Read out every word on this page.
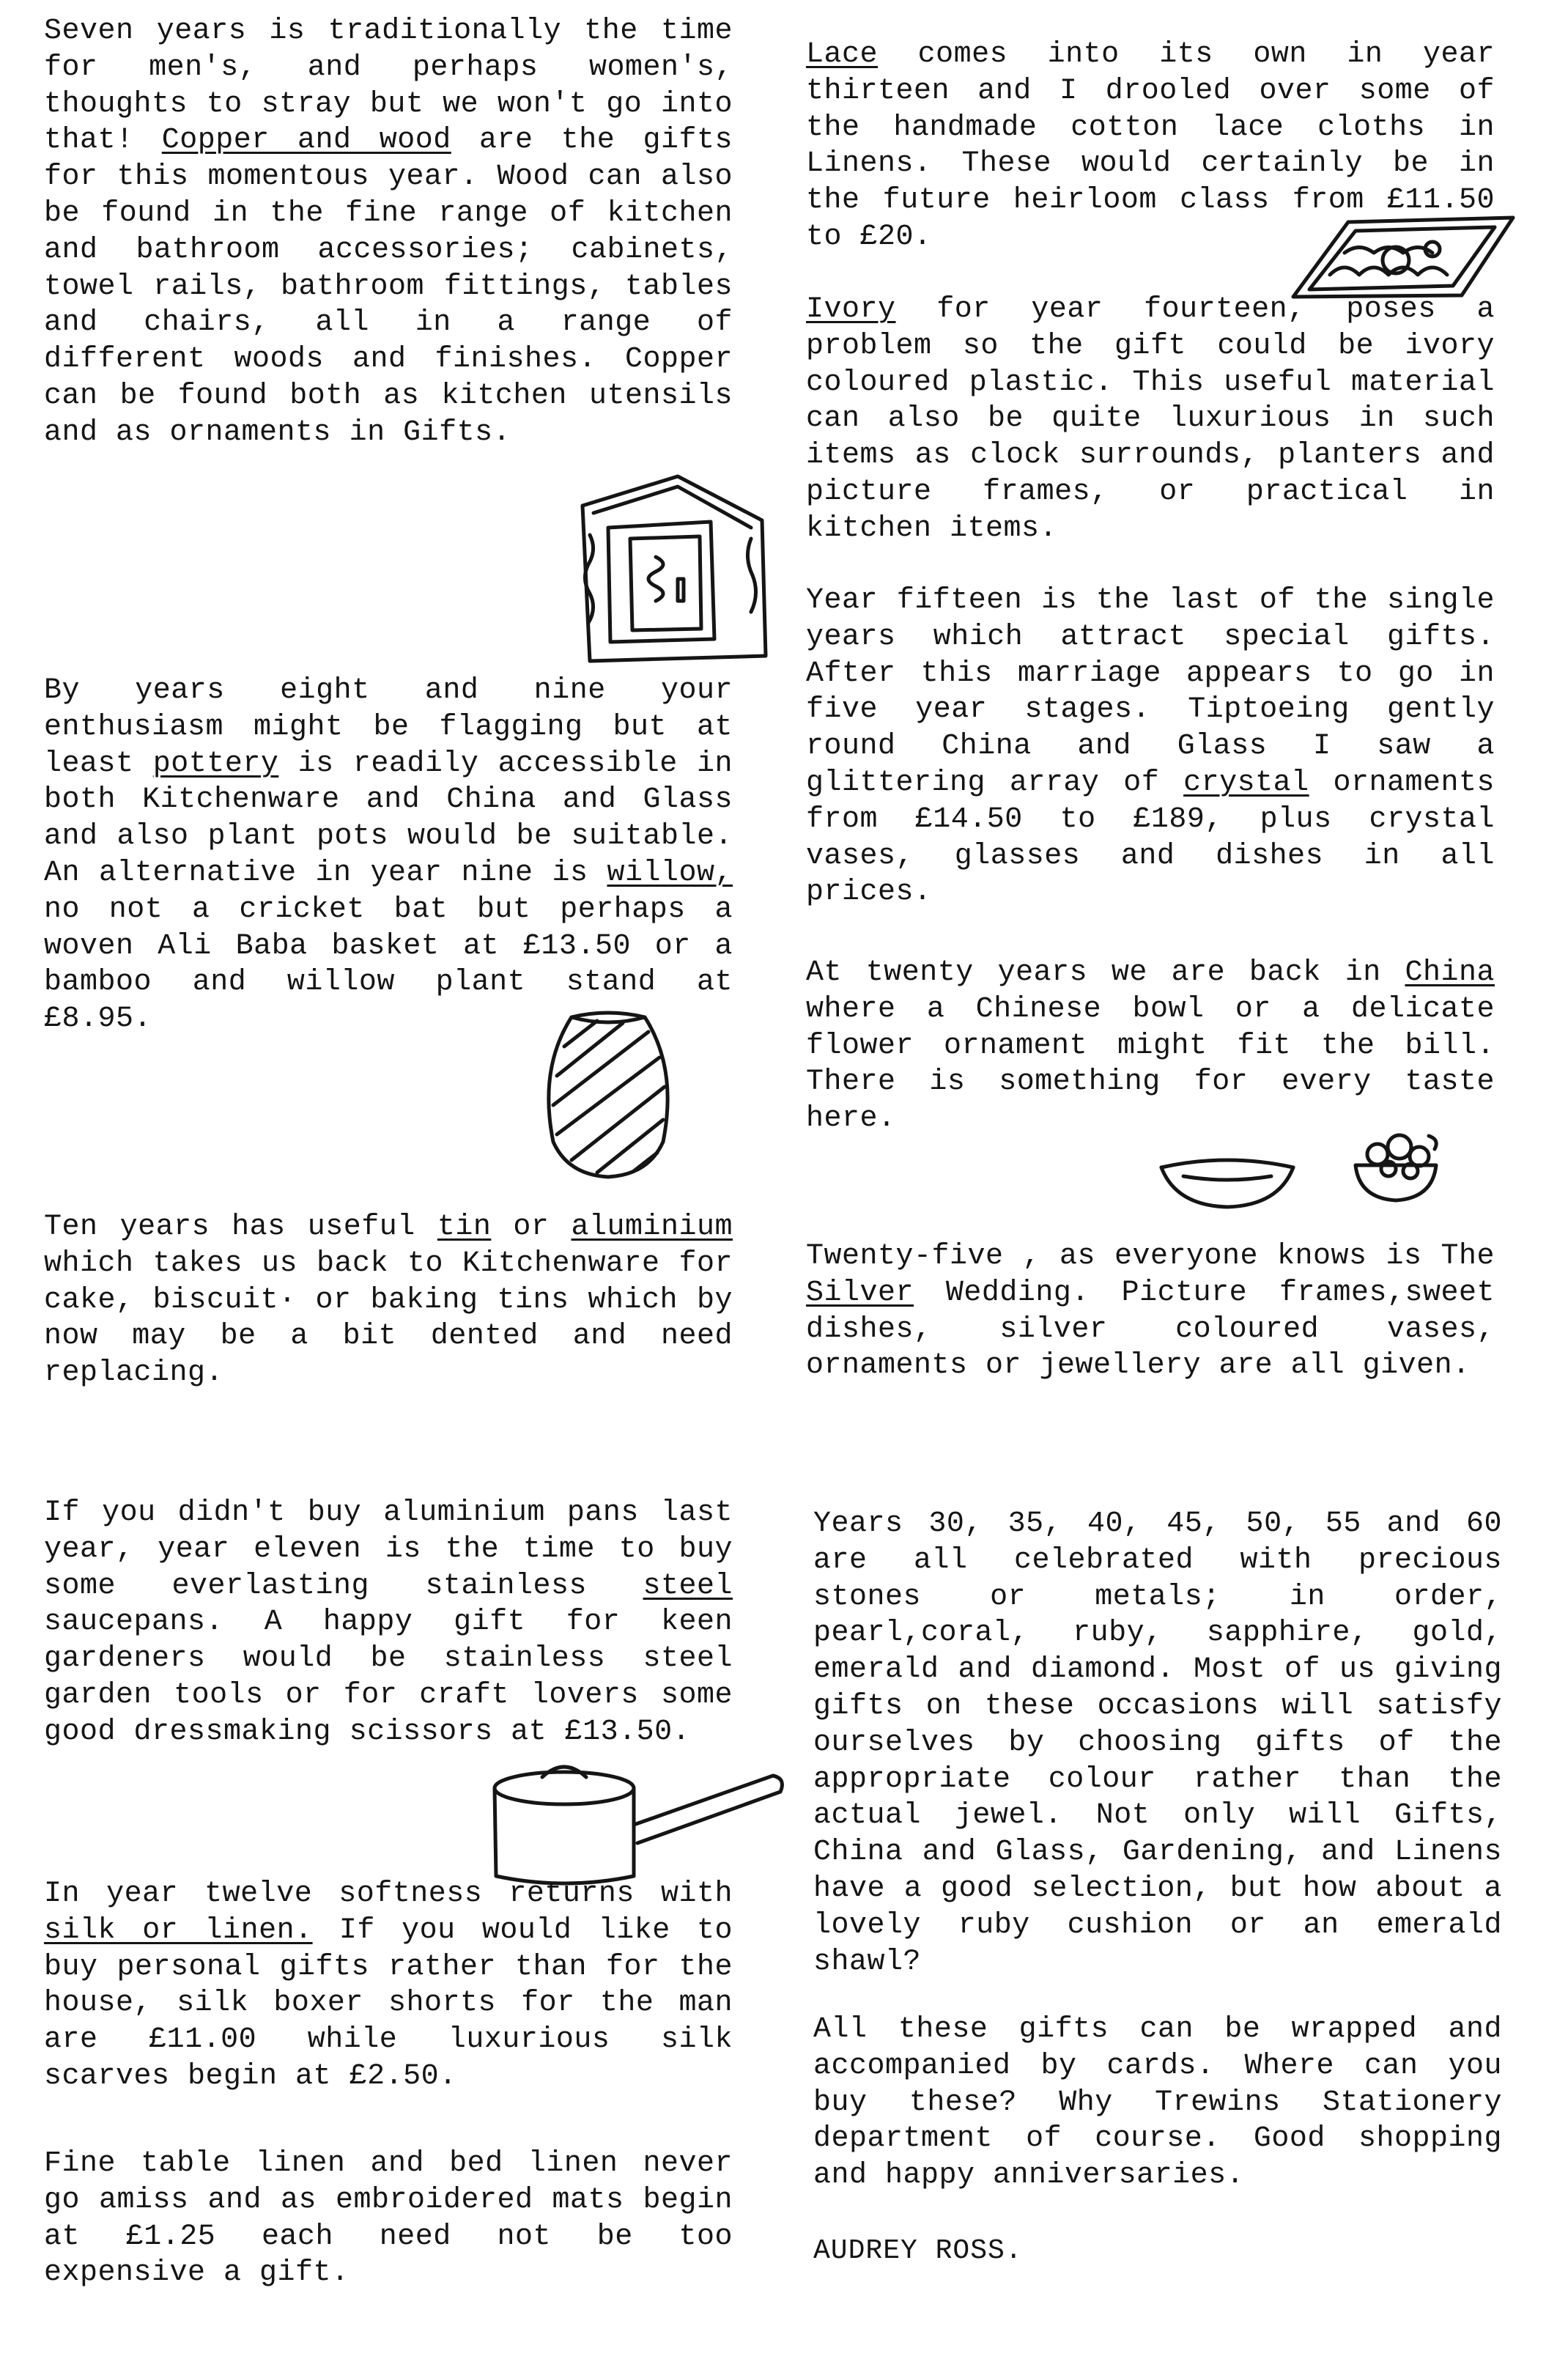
Seven years is traditionally the time for men's, and perhaps women's, thoughts to stray but we won't go into that! Copper and wood are the gifts for this momentous year. Wood can also be found in the fine range of kitchen and bathroom accessories; cabinets, towel rails, bathroom fittings, tables and chairs, all in a range of different woods and finishes. Copper can be found both as kitchen utensils and as ornaments in Gifts.

By years eight and nine your enthusiasm might be flagging but at least pottery is readily accessible in both Kitchenware and China and Glass and also plant pots would be suitable. An alternative in year nine is willow, no not a cricket bat but perhaps a woven Ali Baba basket at £13.50 or a bamboo and willow plant stand at £8.95.

Ten years has useful tin or aluminium which takes us back to Kitchenware for cake, biscuit· or baking tins which by now may be a bit dented and need replacing.

If you didn't buy aluminium pans last year, year eleven is the time to buy some everlasting stainless steel saucepans. A happy gift for keen gardeners would be stainless steel garden tools or for craft lovers some good dressmaking scissors at £13.50.

In year twelve softness returns with silk or linen. If you would like to buy personal gifts rather than for the house, silk boxer shorts for the man are £11.00 while luxurious silk scarves begin at £2.50.

Fine table linen and bed linen never go amiss and as embroidered mats begin at £1.25 each need not be too expensive a gift.

Lace comes into its own in year thirteen and I drooled over some of the handmade cotton lace cloths in Linens. These would certainly be in the future heirloom class from £11.50 to £20.

Ivory for year fourteen, poses a problem so the gift could be ivory coloured plastic. This useful material can also be quite luxurious in such items as clock surrounds, planters and picture frames, or practical in kitchen items.

Year fifteen is the last of the single years which attract special gifts. After this marriage appears to go in five year stages. Tiptoeing gently round China and Glass I saw a glittering array of crystal ornaments from £14.50 to £189, plus crystal vases, glasses and dishes in all prices.

At twenty years we are back in China where a Chinese bowl or a delicate flower ornament might fit the bill. There is something for every taste here.

Twenty-five , as everyone knows is The Silver Wedding. Picture frames,sweet dishes, silver coloured vases, ornaments or jewellery are all given.

Years 30, 35, 40, 45, 50, 55 and 60 are all celebrated with precious stones or metals; in order, pearl,coral, ruby, sapphire, gold, emerald and diamond. Most of us giving gifts on these occasions will satisfy ourselves by choosing gifts of the appropriate colour rather than the actual jewel. Not only will Gifts, China and Glass, Gardening, and Linens have a good selection, but how about a lovely ruby cushion or an emerald shawl?

All these gifts can be wrapped and accompanied by cards. Where can you buy these? Why Trewins Stationery department of course. Good shopping and happy anniversaries.

AUDREY ROSS.
